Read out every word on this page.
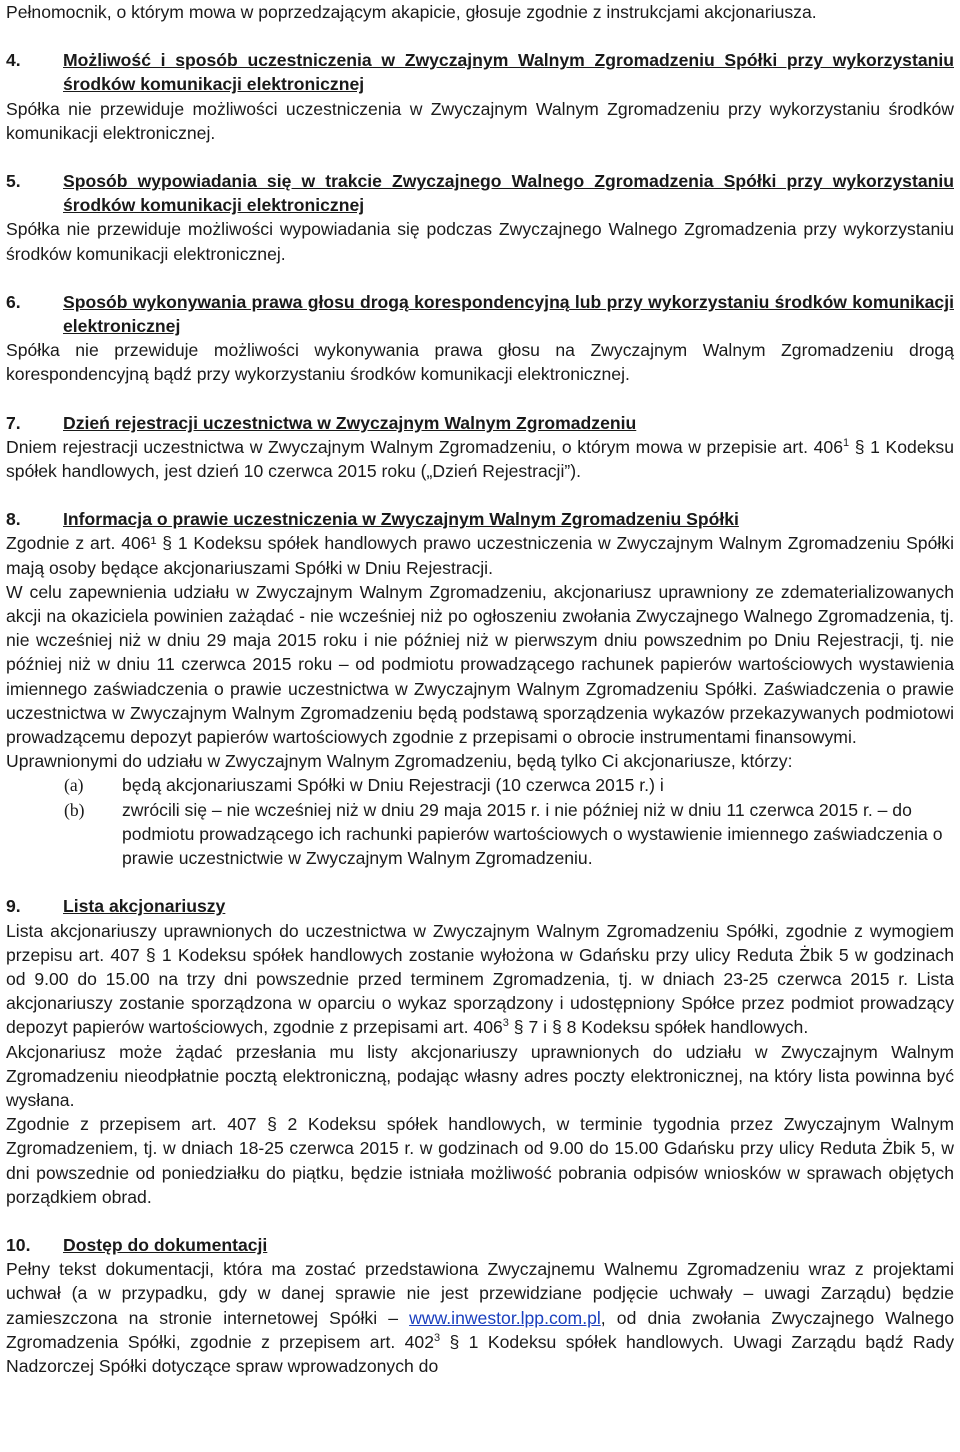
Pełnomocnik, o którym mowa w poprzedzającym akapicie, głosuje zgodnie z instrukcjami akcjonariusza.

4.	Możliwość i sposób uczestniczenia w Zwyczajnym Walnym Zgromadzeniu Spółki przy wykorzystaniu środków komunikacji elektronicznej

Spółka nie przewiduje możliwości uczestniczenia w Zwyczajnym Walnym Zgromadzeniu przy wykorzystaniu środków komunikacji elektronicznej.

5.	Sposób wypowiadania się w trakcie Zwyczajnego Walnego Zgromadzenia Spółki przy wykorzystaniu środków komunikacji elektronicznej

Spółka nie przewiduje możliwości wypowiadania się podczas Zwyczajnego Walnego Zgromadzenia przy wykorzystaniu środków komunikacji elektronicznej.

6.	Sposób wykonywania prawa głosu drogą korespondencyjną lub przy wykorzystaniu środków komunikacji elektronicznej

Spółka nie przewiduje możliwości wykonywania prawa głosu na Zwyczajnym Walnym Zgromadzeniu drogą korespondencyjną bądź przy wykorzystaniu środków komunikacji elektronicznej.

7.	Dzień rejestracji uczestnictwa w Zwyczajnym Walnym Zgromadzeniu

Dniem rejestracji uczestnictwa w Zwyczajnym Walnym Zgromadzeniu, o którym mowa w przepisie art. $406^1$ § 1 Kodeksu spółek handlowych, jest dzień 10 czerwca 2015 roku („Dzień Rejestracji”).

8.	Informacja o prawie uczestniczenia w Zwyczajnym Walnym Zgromadzeniu Spółki

Zgodnie z art. 406¹ § 1 Kodeksu spółek handlowych prawo uczestniczenia w Zwyczajnym Walnym Zgromadzeniu Spółki mają osoby będące akcjonariuszami Spółki w Dniu Rejestracji.

W celu zapewnienia udziału w Zwyczajnym Walnym Zgromadzeniu, akcjonariusz uprawniony ze zdematerializowanych akcji na okaziciela powinien zażądać - nie wcześniej niż po ogłoszeniu zwołania Zwyczajnego Walnego Zgromadzenia, tj. nie wcześniej niż w dniu 29 maja 2015 roku i nie później niż w pierwszym dniu powszednim po Dniu Rejestracji, tj. nie później niż w dniu 11 czerwca 2015 roku – od podmiotu prowadzącego rachunek papierów wartościowych wystawienia imiennego zaświadczenia o prawie uczestnictwa w Zwyczajnym Walnym Zgromadzeniu Spółki. Zaświadczenia o prawie uczestnictwa w Zwyczajnym Walnym Zgromadzeniu będą podstawą sporządzenia wykazów przekazywanych podmiotowi prowadzącemu depozyt papierów wartościowych zgodnie z przepisami o obrocie instrumentami finansowymi.

Uprawnionymi do udziału w Zwyczajnym Walnym Zgromadzeniu, będą tylko Ci akcjonariusze, którzy:

(a)	będą akcjonariuszami Spółki w Dniu Rejestracji (10 czerwca 2015 r.) i
(b)	zwrócili się – nie wcześniej niż w dniu 29 maja 2015 r. i nie później niż w dniu 11 czerwca 2015 r. – do podmiotu prowadzącego ich rachunki papierów wartościowych o wystawienie imiennego zaświadczenia o prawie uczestnictwie w Zwyczajnym Walnym Zgromadzeniu.
9.	Lista akcjonariuszy

Lista akcjonariuszy uprawnionych do uczestnictwa w Zwyczajnym Walnym Zgromadzeniu Spółki, zgodnie z wymogiem przepisu art. 407 § 1 Kodeksu spółek handlowych zostanie wyłożona w Gdańsku przy ulicy Reduta Żbik 5 w godzinach od 9.00 do 15.00 na trzy dni powszednie przed terminem Zgromadzenia, tj. w dniach 23-25 czerwca 2015 r. Lista akcjonariuszy zostanie sporządzona w oparciu o wykaz sporządzony i udostępniony Spółce przez podmiot prowadzący depozyt papierów wartościowych, zgodnie z przepisami art. $406^3$ § 7 i § 8 Kodeksu spółek handlowych.

Akcjonariusz może żądać przesłania mu listy akcjonariuszy uprawnionych do udziału w Zwyczajnym Walnym Zgromadzeniu nieodpłatnie pocztą elektroniczną, podając własny adres poczty elektronicznej, na który lista powinna być wysłana.

Zgodnie z przepisem art. 407 § 2 Kodeksu spółek handlowych, w terminie tygodnia przez Zwyczajnym Walnym Zgromadzeniem, tj. w dniach 18-25 czerwca 2015 r. w godzinach od 9.00 do 15.00 Gdańsku przy ulicy Reduta Żbik 5, w dni powszednie od poniedziałku do piątku, będzie istniała możliwość pobrania odpisów wniosków w sprawach objętych porządkiem obrad.

10.	Dostęp do dokumentacji

Pełny tekst dokumentacji, która ma zostać przedstawiona Zwyczajnemu Walnemu Zgromadzeniu wraz z projektami uchwał (a w przypadku, gdy w danej sprawie nie jest przewidziane podjęcie uchwały – uwagi Zarządu) będzie zamieszczona na stronie internetowej Spółki – www.inwestor.lpp.com.pl, od dnia zwołania Zwyczajnego Walnego Zgromadzenia Spółki, zgodnie z przepisem art. $402^3$ § 1 Kodeksu spółek handlowych. Uwagi Zarządu bądź Rady Nadzorczej Spółki dotyczące spraw wprowadzonych do
